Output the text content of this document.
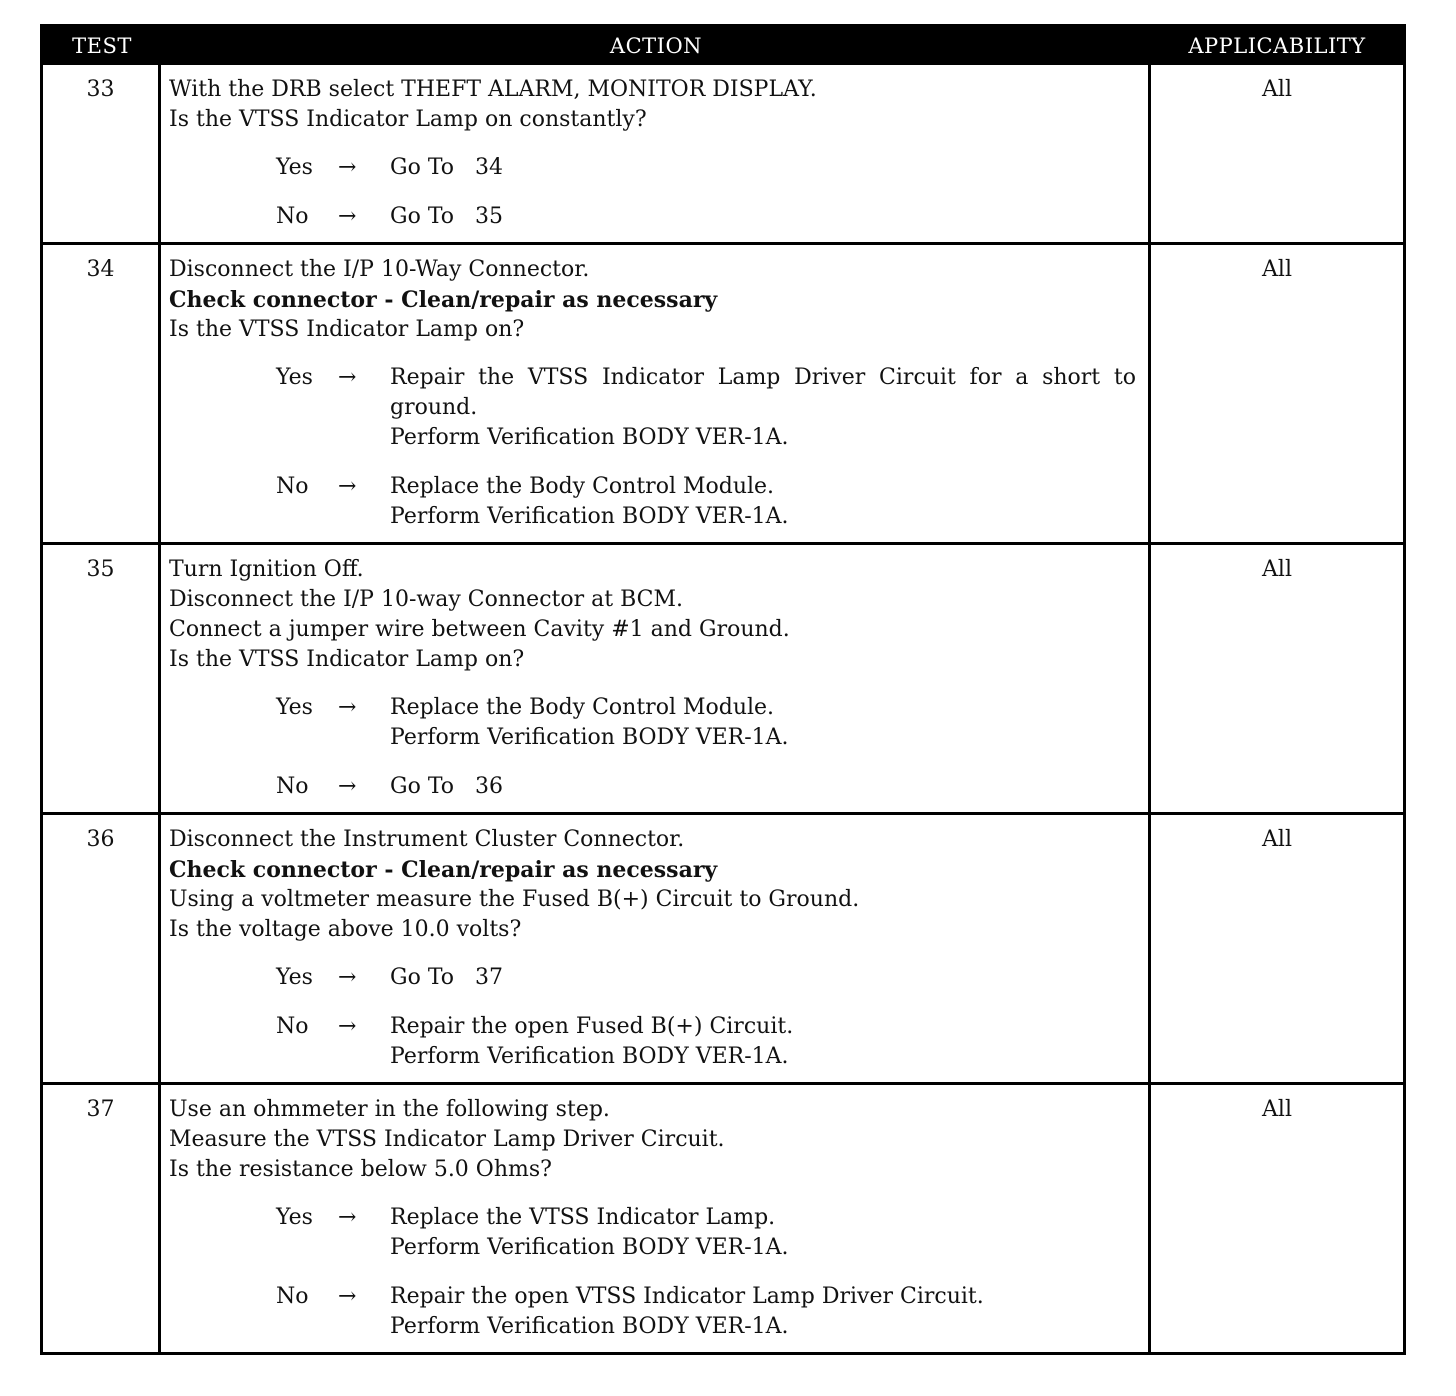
TEST	ACTION	APPLICABILITY
33	With the DRB select THEFT ALARM, MONITOR DISPLAY.
Is the VTSS Indicator Lamp on constantly?
Yes	→	Go To   34
No	→	Go To   35
All
34	Disconnect the I/P 10-Way Connector.
Check connector - Clean/repair as necessary
Is the VTSS Indicator Lamp on?
Yes	→	Repair the VTSS Indicator Lamp Driver Circuit for a short to ground.
Perform Verification BODY VER-1A.
No	→	Replace the Body Control Module.
Perform Verification BODY VER-1A.
All
35	Turn Ignition Off.
Disconnect the I/P 10-way Connector at BCM.
Connect a jumper wire between Cavity #1 and Ground.
Is the VTSS Indicator Lamp on?
Yes	→	Replace the Body Control Module.
Perform Verification BODY VER-1A.
No	→	Go To   36
All
36	Disconnect the Instrument Cluster Connector.
Check connector - Clean/repair as necessary
Using a voltmeter measure the Fused B(+) Circuit to Ground.
Is the voltage above 10.0 volts?
Yes	→	Go To   37
No	→	Repair the open Fused B(+) Circuit.
Perform Verification BODY VER-1A.
All
37	Use an ohmmeter in the following step.
Measure the VTSS Indicator Lamp Driver Circuit.
Is the resistance below 5.0 Ohms?
Yes	→	Replace the VTSS Indicator Lamp.
Perform Verification BODY VER-1A.
No	→	Repair the open VTSS Indicator Lamp Driver Circuit.
Perform Verification BODY VER-1A.
All
